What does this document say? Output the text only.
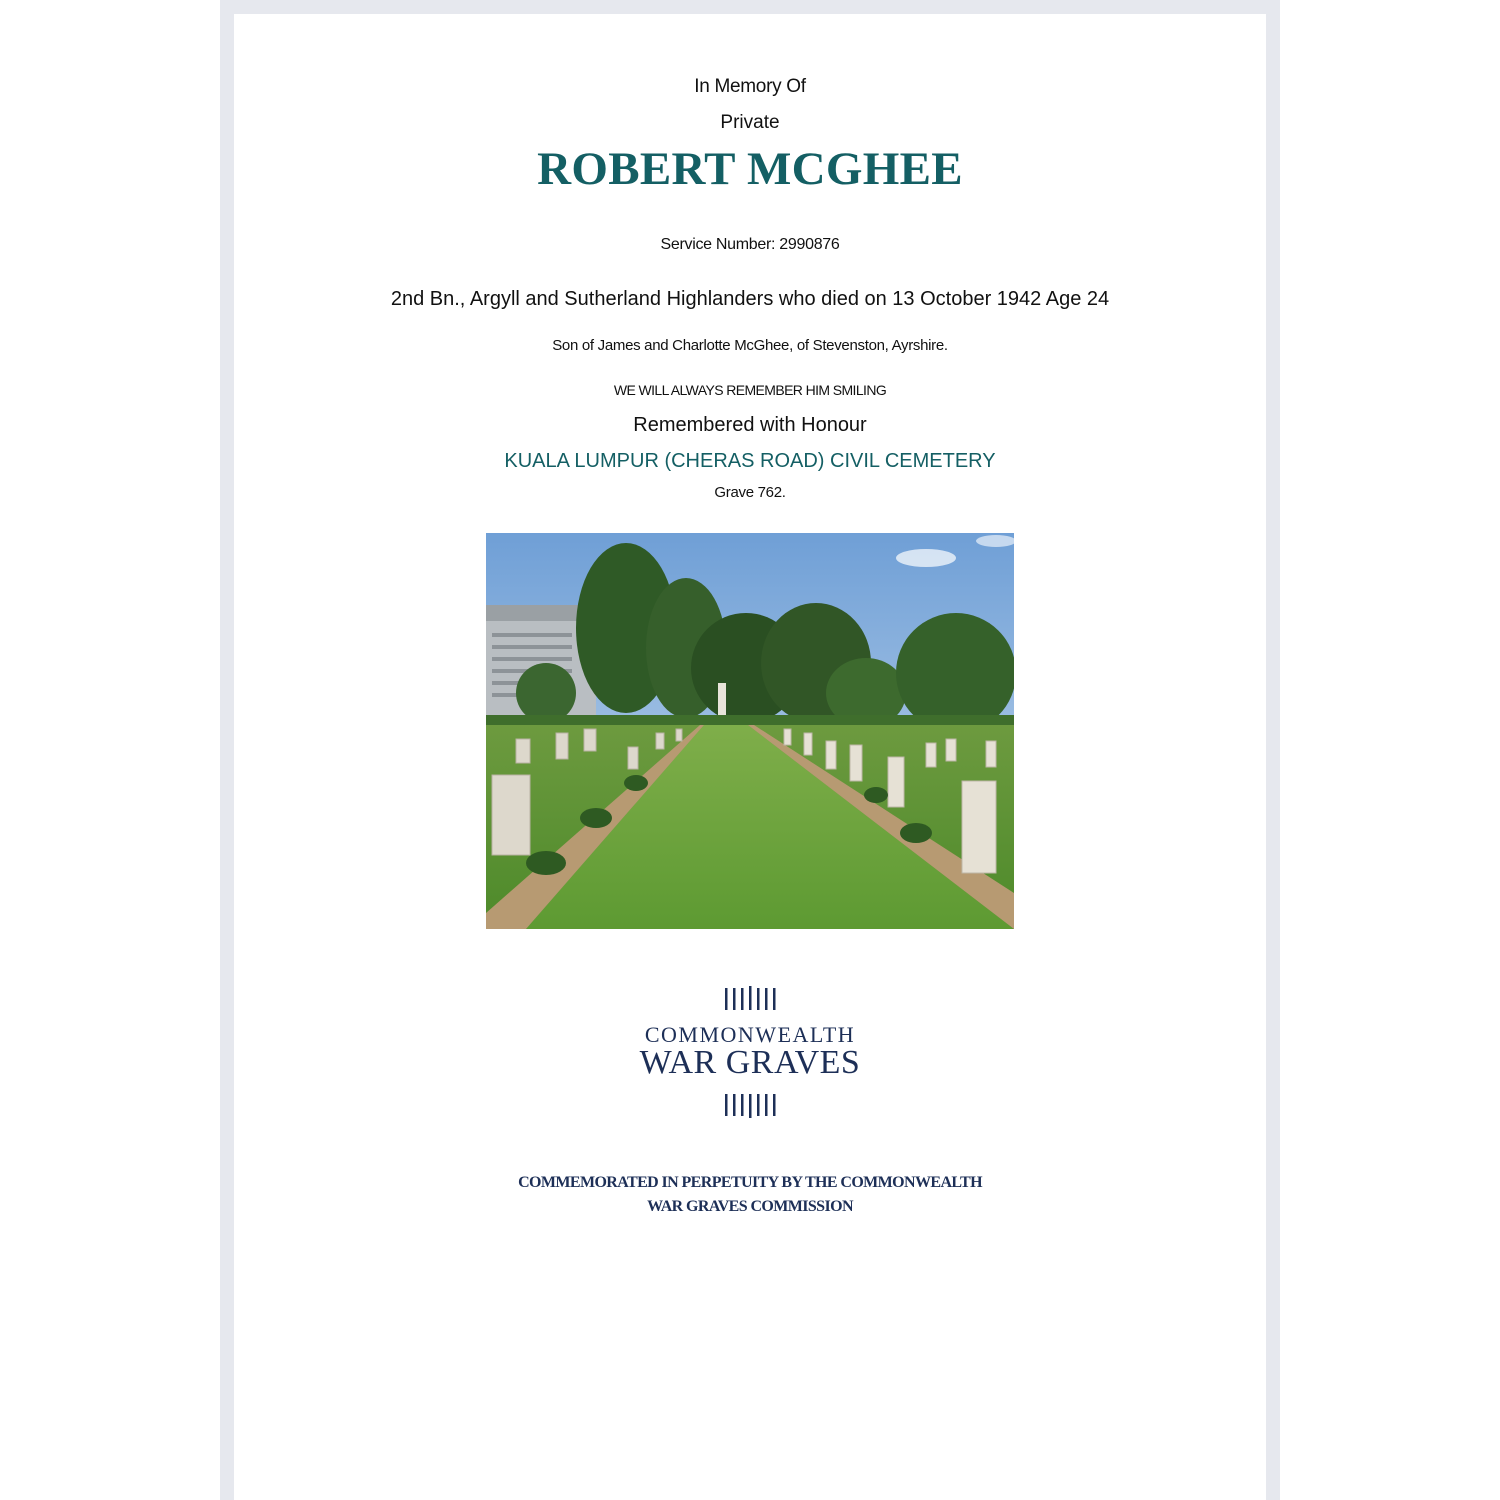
In Memory Of
Private
ROBERT MCGHEE
Service Number: 2990876
2nd Bn., Argyll and Sutherland Highlanders who died on 13 October 1942 Age 24
Son of James and Charlotte McGhee, of Stevenston, Ayrshire.
WE WILL ALWAYS REMEMBER HIM SMILING
Remembered with Honour
KUALA LUMPUR (CHERAS ROAD) CIVIL CEMETERY
Grave 762.
COMMONWEALTH
WAR GRAVES
COMMEMORATED IN PERPETUITY BY THE COMMONWEALTH
WAR GRAVES COMMISSION
